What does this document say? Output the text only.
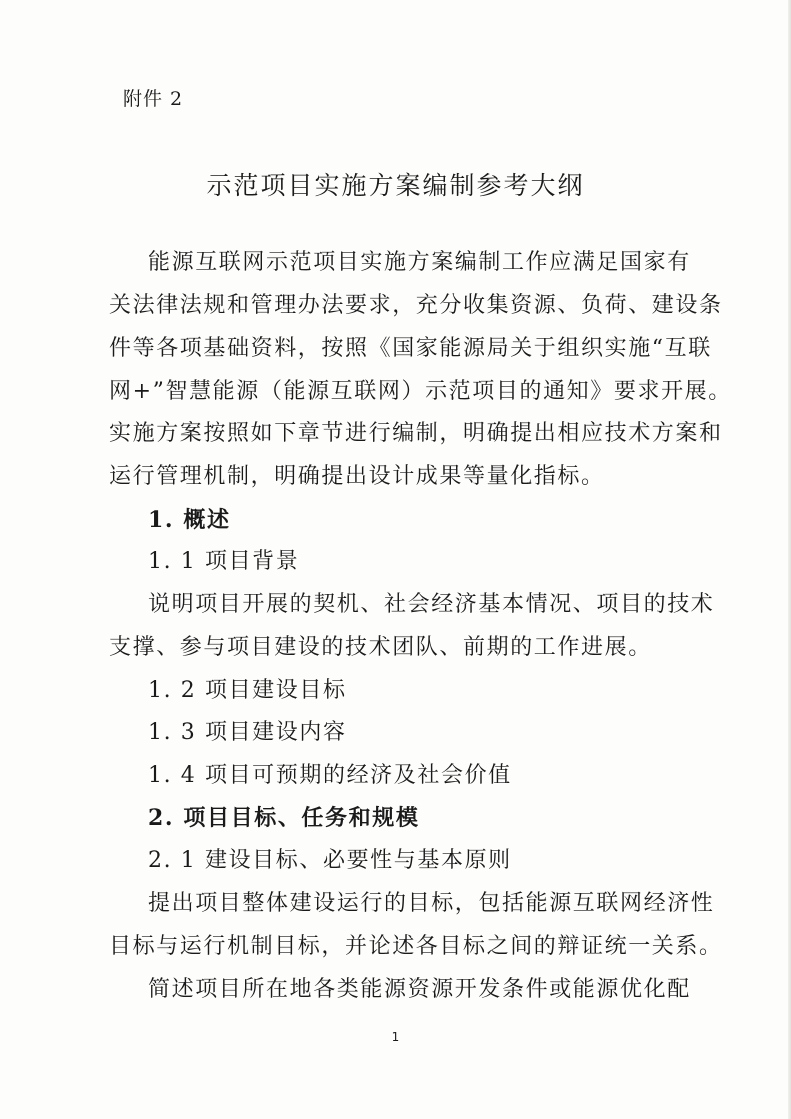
附件 2
示范项目实施方案编制参考大纲
能源互联网示范项目实施方案编制工作应满足国家有
关法律法规和管理办法要求，充分收集资源、负荷、建设条
件等各项基础资料，按照《国家能源局关于组织实施“互联
网+”智慧能源（能源互联网）示范项目的通知》要求开展。
实施方案按照如下章节进行编制，明确提出相应技术方案和
运行管理机制，明确提出设计成果等量化指标。
1. 概述
1. 1 项目背景
说明项目开展的契机、社会经济基本情况、项目的技术
支撑、参与项目建设的技术团队、前期的工作进展。
1. 2 项目建设目标
1. 3 项目建设内容
1. 4 项目可预期的经济及社会价值
2. 项目目标、任务和规模
2. 1 建设目标、必要性与基本原则
提出项目整体建设运行的目标，包括能源互联网经济性
目标与运行机制目标，并论述各目标之间的辩证统一关系。
简述项目所在地各类能源资源开发条件或能源优化配
1
